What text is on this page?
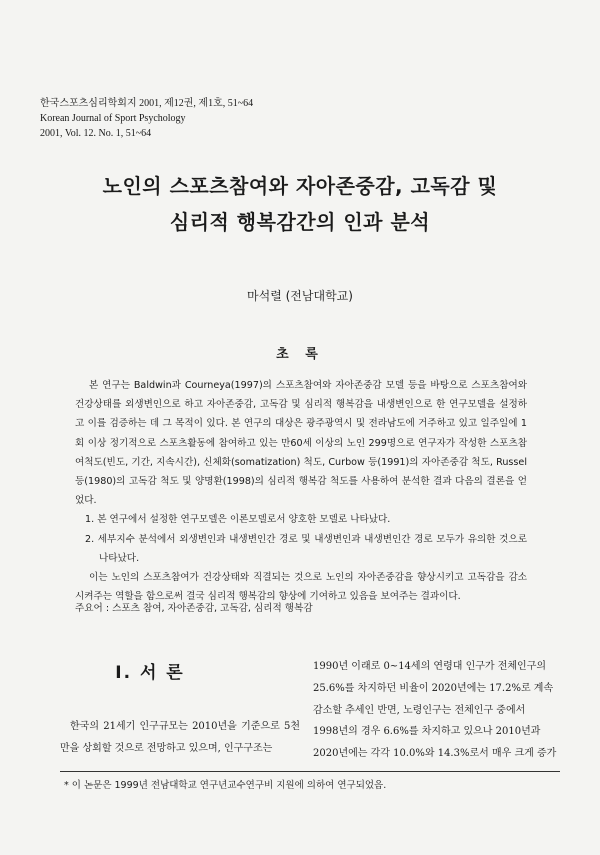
한국스포츠심리학회지 2001, 제12권, 제1호, 51~64
Korean Journal of Sport Psychology
2001, Vol. 12. No. 1, 51~64
노인의 스포츠참여와 자아존중감, 고독감 및
심리적 행복감간의 인과 분석
마석렬 (전남대학교)
초 록

본 연구는 Baldwin과 Courneya(1997)의 스포츠참여와 자아존중감 모델 등을 바탕으로 스포츠참여와 건강상태를 외생변인으로 하고 자아존중감, 고독감 및 심리적 행복감을 내생변인으로 한 연구모델을 설정하고 이를 검증하는 데 그 목적이 있다. 본 연구의 대상은 광주광역시 및 전라남도에 거주하고 있고 일주일에 1회 이상 정기적으로 스포츠활동에 참여하고 있는 만60세 이상의 노인 299명으로 연구자가 작성한 스포츠참여척도(빈도, 기간, 지속시간), 신체화(somatization) 척도, Curbow 등(1991)의 자아존중감 척도, Russel 등(1980)의 고독감 척도 및 양명환(1998)의 심리적 행복감 척도를 사용하여 분석한 결과 다음의 결론을 얻었다.

1. 본 연구에서 설정한 연구모델은 이론모델로서 양호한 모델로 나타났다.

2. 세부지수 분석에서 외생변인과 내생변인간 경로 및 내생변인과 내생변인간 경로 모두가 유의한 것으로 나타났다.

이는 노인의 스포츠참여가 건강상태와 직결되는 것으로 노인의 자아존중감을 향상시키고 고독감을 감소시켜주는 역할을 함으로써 결국 심리적 행복감의 향상에 기여하고 있음을 보여주는 결과이다.

주요어 : 스포츠 참여, 자아존중감, 고독감, 심리적 행복감
I. 서 론

한국의 21세기 인구규모는 2010년을 기준으로 5천만을 상회할 것으로 전망하고 있으며, 인구구조는

1990년 이래로 0~14세의 연령대 인구가 전체인구의
25.6%를 차지하던 비율이 2020년에는 17.2%로 계속
감소할 추세인 반면, 노령인구는 전체인구 중에서
1998년의 경우 6.6%를 차지하고 있으나 2010년과
2020년에는 각각 10.0%와 14.3%로서 매우 크게 증가
* 이 논문은 1999년 전남대학교 연구년교수연구비 지원에 의하여 연구되었음.
